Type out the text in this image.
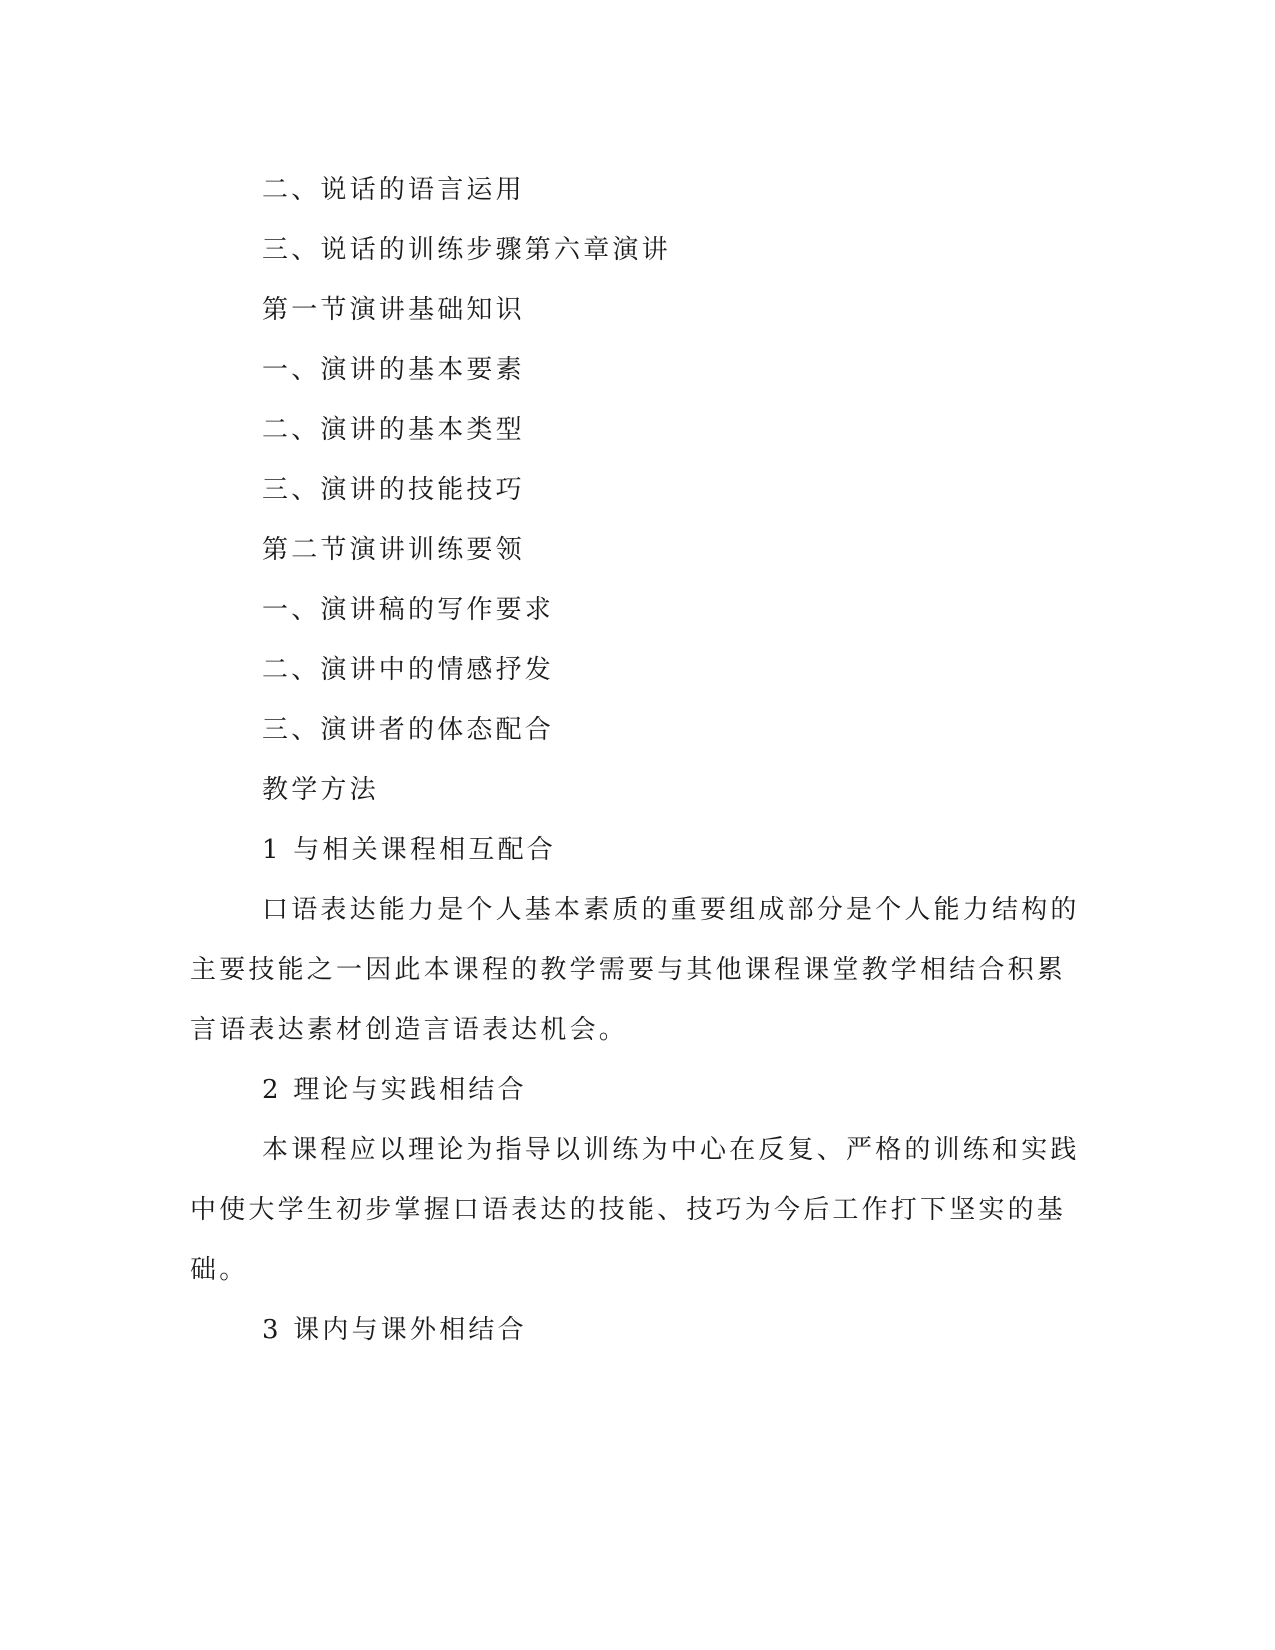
二、说话的语言运用

三、说话的训练步骤第六章演讲

第一节演讲基础知识

一、演讲的基本要素

二、演讲的基本类型

三、演讲的技能技巧

第二节演讲训练要领

一、演讲稿的写作要求

二、演讲中的情感抒发

三、演讲者的体态配合

教学方法

1 与相关课程相互配合

口语表达能力是个人基本素质的重要组成部分是个人能力结构的

主要技能之一因此本课程的教学需要与其他课程课堂教学相结合积累

言语表达素材创造言语表达机会。

2 理论与实践相结合

本课程应以理论为指导以训练为中心在反复、严格的训练和实践

中使大学生初步掌握口语表达的技能、技巧为今后工作打下坚实的基

础。

3 课内与课外相结合
